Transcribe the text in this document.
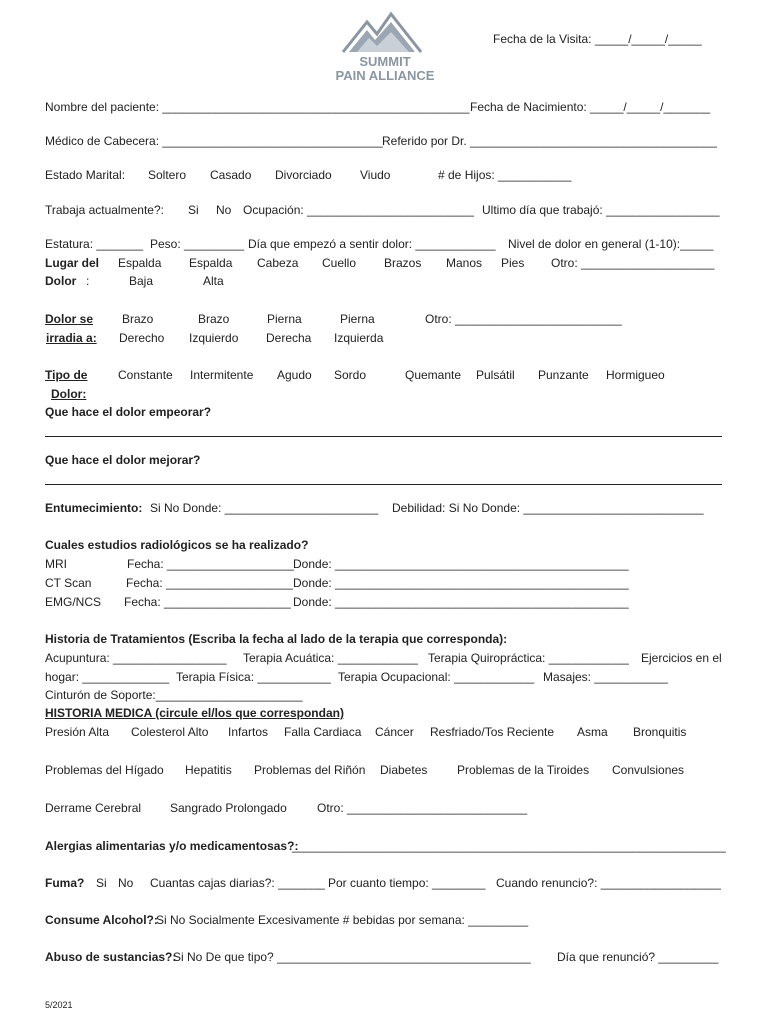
SUMMIT
PAIN ALLIANCE
Fecha de la Visita: _____/_____/_____
Nombre del paciente: ______________________________________________ Fecha de Nacimiento: _____/_____/_______
Médico de Cabecera: _________________________________ Referido por Dr. _____________________________________
Estado Marital: Soltero Casado Divorciado Viudo	# de Hijos: ___________
Trabaja actualmente?: Si No Ocupación: _________________________ Ultimo día que trabajó: _________________
Estatura: _______ Peso: _________ Día que empezó a sentir dolor: ____________ Nivel de dolor en general (1-10):_____
Lugar del
Dolor :
Espalda Espalda Cabeza Cuello Brazos Manos Pies Otro: ____________________
Baja	Alta
Dolor se
irradia a:
Brazo	Brazo	Pierna	Pierna	Otro: _________________________
Derecho Izquierdo Derecha Izquierda
Tipo de
Dolor:
Constante Intermitente Agudo Sordo	Quemante Pulsátil Punzante Hormigueo
Que hace el dolor empeorar?
Que hace el dolor mejorar?
Entumecimiento: Si No Donde: _______________________ Debilidad: Si No Donde: ___________________________
Cuales estudios radiológicos se ha realizado?
MRI	Fecha: ___________________ Donde: ____________________________________________
CT Scan	Fecha: ___________________ Donde: ____________________________________________
EMG/NCS Fecha: ___________________ Donde: ____________________________________________
Historia de Tratamientos (Escriba la fecha al lado de la terapia que corresponda):
Acupuntura: _________________ Terapia Acuática: ____________ Terapia Quiropráctica: ____________ Ejercicios en el
hogar: _____________ Terapia Física: ___________ Terapia Ocupacional: ____________ Masajes: ___________
Cinturón de Soporte:______________________
HISTORIA MEDICA (circule el/los que correspondan)
Presión Alta Colesterol Alto Infartos Falla Cardiaca Cáncer Resfriado/Tos Reciente Asma Bronquitis
Problemas del Hígado Hepatitis Problemas del Riñón Diabetes Problemas de la Tiroides Convulsiones
Derrame Cerebral Sangrado Prolongado	Otro: ___________________________
Alergias alimentarias y/o medicamentosas?:
_________________________________________________________________
Fuma? Si No Cuantas cajas diarias?: _______ Por cuanto tiempo: ________ Cuando renuncio?: __________________
Consume Alcohol?:
Si No Socialmente Excesivamente # bebidas por semana: _________
Abuso de sustancias?:
Si No De que tipo? ______________________________________ Día que renunció? _________
5/2021
